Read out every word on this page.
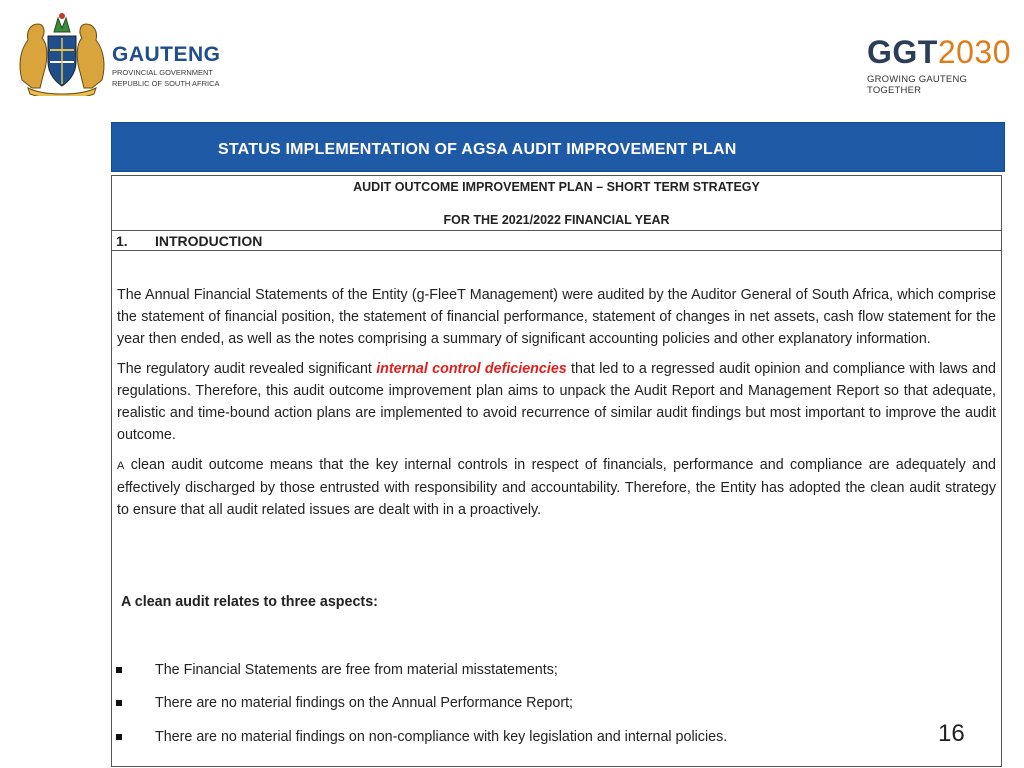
GAUTENG
PROVINCIAL GOVERNMENT
REPUBLIC OF SOUTH AFRICA
GGT2030
GROWING GAUTENG TOGETHER
STATUS IMPLEMENTATION OF AGSA AUDIT IMPROVEMENT PLAN
AUDIT OUTCOME IMPROVEMENT PLAN – SHORT TERM STRATEGY
FOR THE 2021/2022 FINANCIAL YEAR
1. INTRODUCTION

The Annual Financial Statements of the Entity (g-FleeT Management) were audited by the Auditor General of South Africa, which comprise the statement of financial position, the statement of financial performance, statement of changes in net assets, cash flow statement for the year then ended, as well as the notes comprising a summary of significant accounting policies and other explanatory information.

The regulatory audit revealed significant internal control deficiencies that led to a regressed audit opinion and compliance with laws and regulations. Therefore, this audit outcome improvement plan aims to unpack the Audit Report and Management Report so that adequate, realistic and time-bound action plans are implemented to avoid recurrence of similar audit findings but most important to improve the audit outcome.

A clean audit outcome means that the key internal controls in respect of financials, performance and compliance are adequately and effectively discharged by those entrusted with responsibility and accountability. Therefore, the Entity has adopted the clean audit strategy to ensure that all audit related issues are dealt with in a proactively.

A clean audit relates to three aspects:
The Financial Statements are free from material misstatements;
There are no material findings on the Annual Performance Report;
There are no material findings on non-compliance with key legislation and internal policies.	16
